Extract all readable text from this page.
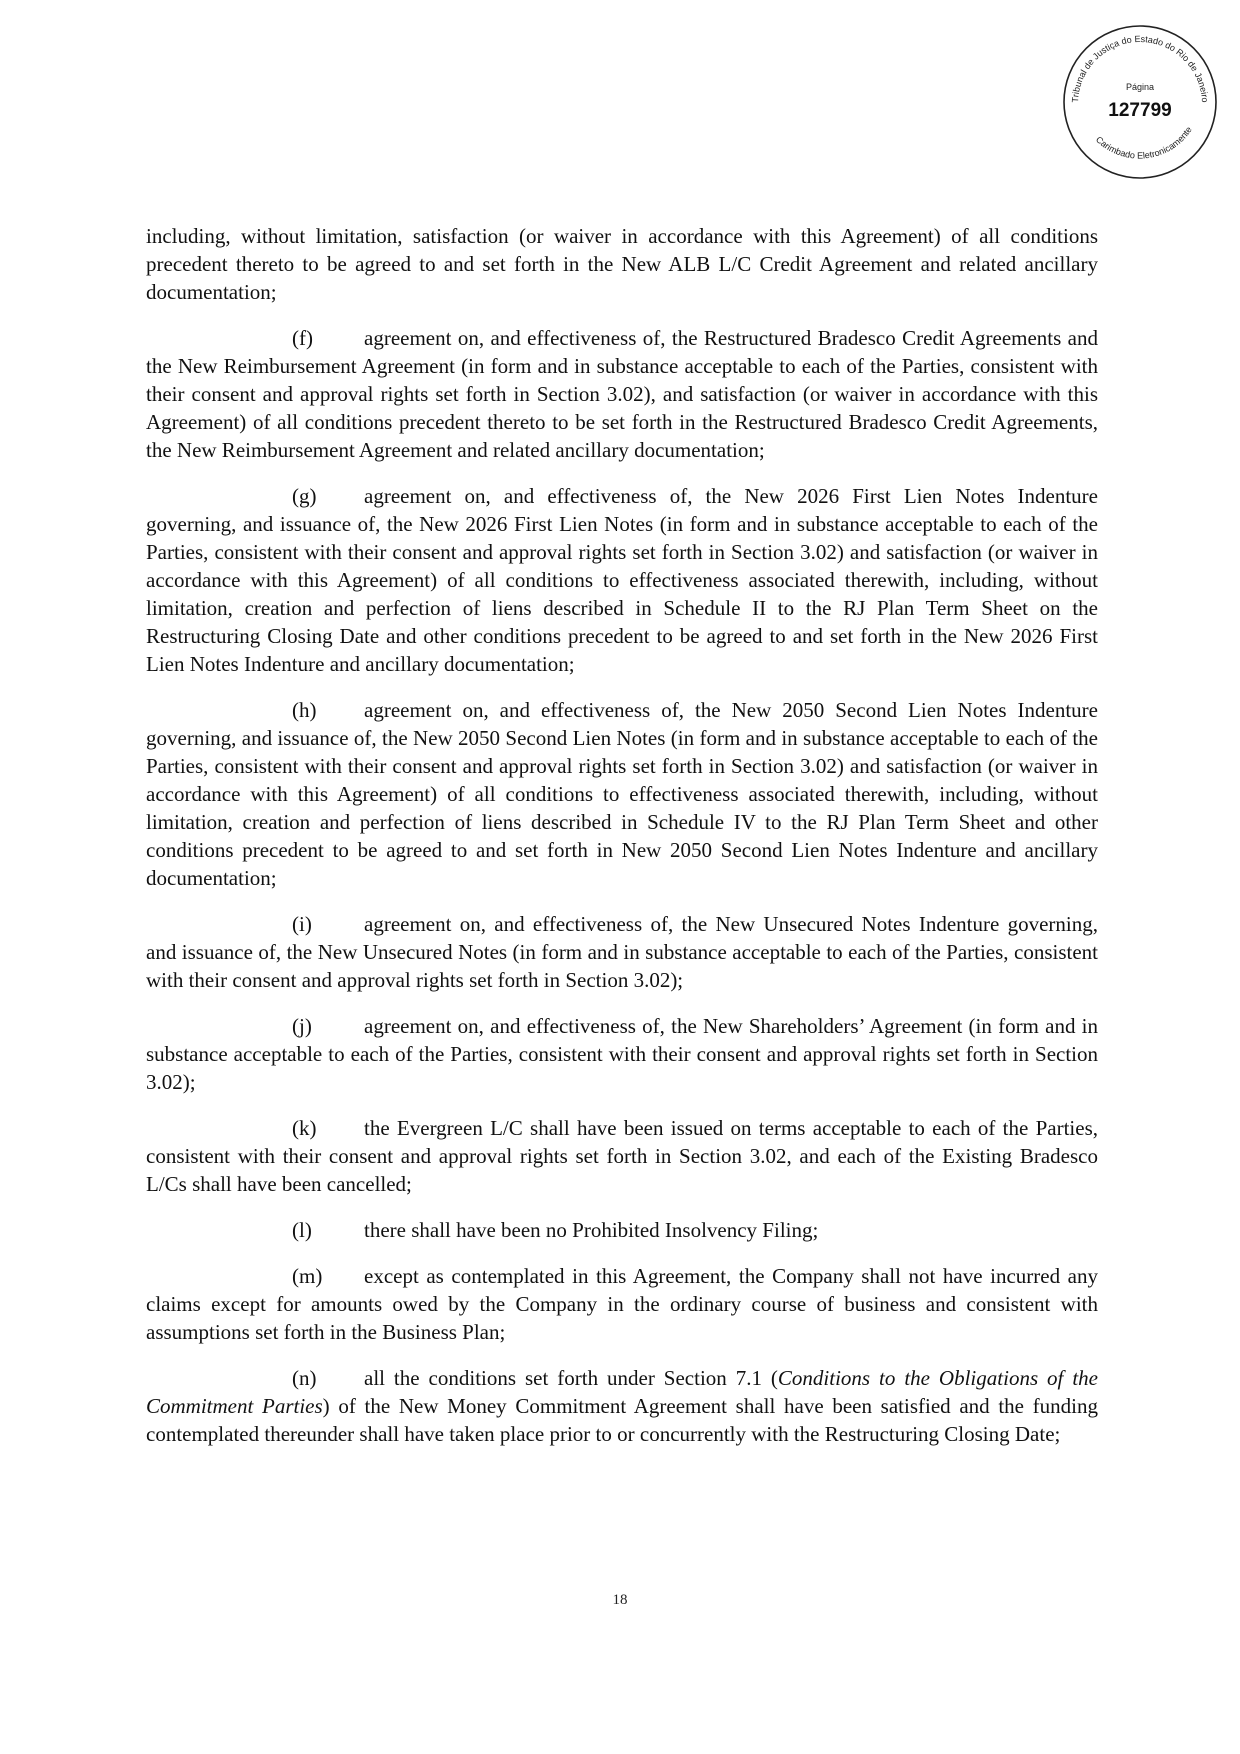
Tribunal de Justiça do Estado do Rio de Janeiro
Carimbado Eletronicamente
Página
127799

including, without limitation, satisfaction (or waiver in accordance with this Agreement) of all conditions precedent thereto to be agreed to and set forth in the New ALB L/C Credit Agreement and related ancillary documentation;

(f) agreement on, and effectiveness of, the Restructured Bradesco Credit Agreements and the New Reimbursement Agreement (in form and in substance acceptable to each of the Parties, consistent with their consent and approval rights set forth in Section 3.02), and satisfaction (or waiver in accordance with this Agreement) of all conditions precedent thereto to be set forth in the Restructured Bradesco Credit Agreements, the New Reimbursement Agreement and related ancillary documentation;

(g) agreement on, and effectiveness of, the New 2026 First Lien Notes Indenture governing, and issuance of, the New 2026 First Lien Notes (in form and in substance acceptable to each of the Parties, consistent with their consent and approval rights set forth in Section 3.02) and satisfaction (or waiver in accordance with this Agreement) of all conditions to effectiveness associated therewith, including, without limitation, creation and perfection of liens described in Schedule II to the RJ Plan Term Sheet on the Restructuring Closing Date and other conditions precedent to be agreed to and set forth in the New 2026 First Lien Notes Indenture and ancillary documentation;

(h) agreement on, and effectiveness of, the New 2050 Second Lien Notes Indenture governing, and issuance of, the New 2050 Second Lien Notes (in form and in substance acceptable to each of the Parties, consistent with their consent and approval rights set forth in Section 3.02) and satisfaction (or waiver in accordance with this Agreement) of all conditions to effectiveness associated therewith, including, without limitation, creation and perfection of liens described in Schedule IV to the RJ Plan Term Sheet and other conditions precedent to be agreed to and set forth in New 2050 Second Lien Notes Indenture and ancillary documentation;

(i) agreement on, and effectiveness of, the New Unsecured Notes Indenture governing, and issuance of, the New Unsecured Notes (in form and in substance acceptable to each of the Parties, consistent with their consent and approval rights set forth in Section 3.02);

(j) agreement on, and effectiveness of, the New Shareholders’ Agreement (in form and in substance acceptable to each of the Parties, consistent with their consent and approval rights set forth in Section 3.02);

(k) the Evergreen L/C shall have been issued on terms acceptable to each of the Parties, consistent with their consent and approval rights set forth in Section 3.02, and each of the Existing Bradesco L/Cs shall have been cancelled;

(l) there shall have been no Prohibited Insolvency Filing;

(m) except as contemplated in this Agreement, the Company shall not have incurred any claims except for amounts owed by the Company in the ordinary course of business and consistent with assumptions set forth in the Business Plan;

(n) all the conditions set forth under Section 7.1 (Conditions to the Obligations of the Commitment Parties) of the New Money Commitment Agreement shall have been satisfied and the funding contemplated thereunder shall have taken place prior to or concurrently with the Restructuring Closing Date;

18
